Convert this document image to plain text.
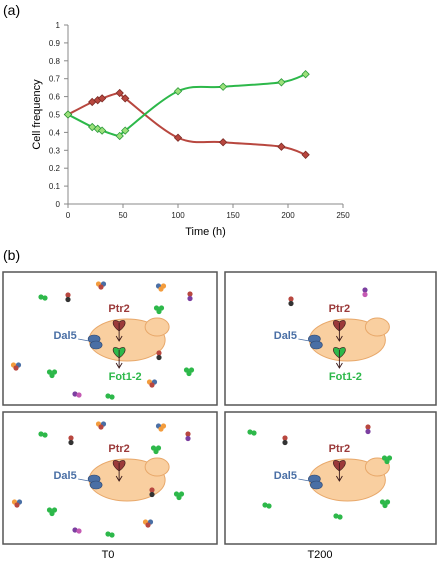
(a)
(b)
0
0.1
0.2
0.3
0.4
0.5
0.6
0.7
0.8
0.9
1
0	50	100	150	200	250
Time (h)
Cell frequency
Ptr2
Dal5
Fot1-2
Ptr2
Dal5
Fot1-2
Ptr2
Dal5
Ptr2
Dal5
T0	T200
